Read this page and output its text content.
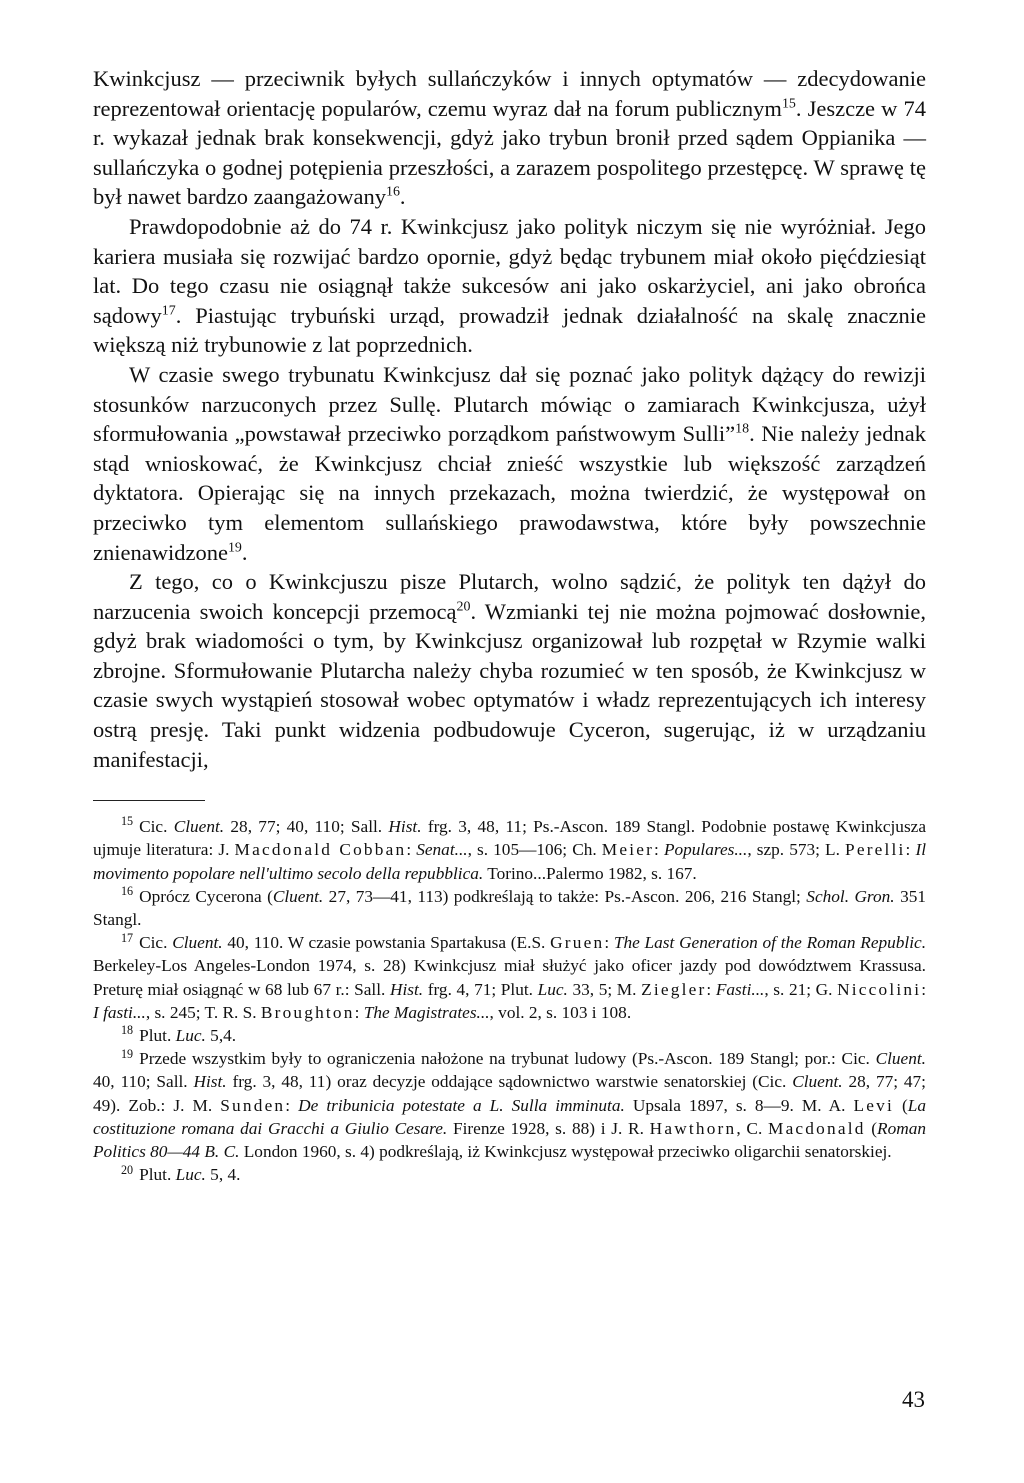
Kwinkcjusz — przeciwnik byłych sullańczyków i innych optymatów — zdecydowanie reprezentował orientację popularów, czemu wyraz dał na forum publicznym$^{15}$. Jeszcze w 74 r. wykazał jednak brak konsekwencji, gdyż jako trybun bronił przed sądem Oppianika — sullańczyka o godnej potępienia przeszłości, a zarazem pospolitego przestępcę. W sprawę tę był nawet bardzo zaangażowany$^{16}$.

Prawdopodobnie aż do 74 r. Kwinkcjusz jako polityk niczym się nie wyróżniał. Jego kariera musiała się rozwijać bardzo opornie, gdyż będąc trybunem miał około pięćdziesiąt lat. Do tego czasu nie osiągnął także sukcesów ani jako oskarżyciel, ani jako obrońca sądowy$^{17}$. Piastując trybuński urząd, prowadził jednak działalność na skalę znacznie większą niż trybunowie z lat poprzednich.

W czasie swego trybunatu Kwinkcjusz dał się poznać jako polityk dążący do rewizji stosunków narzuconych przez Sullę. Plutarch mówiąc o zamiarach Kwinkcjusza, użył sformułowania „powstawał przeciwko porządkom państwowym Sulli”$^{18}$. Nie należy jednak stąd wnioskować, że Kwinkcjusz chciał znieść wszystkie lub większość zarządzeń dyktatora. Opierając się na innych przekazach, można twierdzić, że występował on przeciwko tym elementom sullańskiego prawodawstwa, które były powszechnie znienawidzone$^{19}$.

Z tego, co o Kwinkcjuszu pisze Plutarch, wolno sądzić, że polityk ten dążył do narzucenia swoich koncepcji przemocą$^{20}$. Wzmianki tej nie można pojmować dosłownie, gdyż brak wiadomości o tym, by Kwinkcjusz organizował lub rozpętał w Rzymie walki zbrojne. Sformułowanie Plutarcha należy chyba rozumieć w ten sposób, że Kwinkcjusz w czasie swych wystąpień stosował wobec optymatów i władz reprezentujących ich interesy ostrą presję. Taki punkt widzenia podbudowuje Cyceron, sugerując, iż w urządzaniu manifestacji,

$^{15}$ Cic. Cluent. 28, 77; 40, 110; Sall. Hist. frg. 3, 48, 11; Ps.-Ascon. 189 Stangl. Podobnie postawę Kwinkcjusza ujmuje literatura: J. Macdonald Cobban: Senat..., s. 105—106; Ch. Meier: Populares..., szp. 573; L. Perelli: Il movimento popolare nell'ultimo secolo della repubblica. Torino...Palermo 1982, s. 167.

$^{16}$ Oprócz Cycerona (Cluent. 27, 73—41, 113) podkreślają to także: Ps.-Ascon. 206, 216 Stangl; Schol. Gron. 351 Stangl.

$^{17}$ Cic. Cluent. 40, 110. W czasie powstania Spartakusa (E.S. Gruen: The Last Generation of the Roman Republic. Berkeley-Los Angeles-London 1974, s. 28) Kwinkcjusz miał służyć jako oficer jazdy pod dowództwem Krassusa. Preturę miał osiągnąć w 68 lub 67 r.: Sall. Hist. frg. 4, 71; Plut. Luc. 33, 5; M. Ziegler: Fasti..., s. 21; G. Niccolini: I fasti..., s. 245; T. R. S. Broughton: The Magistrates..., vol. 2, s. 103 i 108.

$^{18}$ Plut. Luc. 5,4.

$^{19}$ Przede wszystkim były to ograniczenia nałożone na trybunat ludowy (Ps.-Ascon. 189 Stangl; por.: Cic. Cluent. 40, 110; Sall. Hist. frg. 3, 48, 11) oraz decyzje oddające sądownictwo warstwie senatorskiej (Cic. Cluent. 28, 77; 47; 49). Zob.: J. M. Sunden: De tribunicia potestate a L. Sulla imminuta. Upsala 1897, s. 8—9. M. A. Levi (La costituzione romana dai Gracchi a Giulio Cesare. Firenze 1928, s. 88) i J. R. Hawthorn, C. Macdonald (Roman Politics 80—44 B. C. London 1960, s. 4) podkreślają, iż Kwinkcjusz występował przeciwko oligarchii senatorskiej.

$^{20}$ Plut. Luc. 5, 4.

43
